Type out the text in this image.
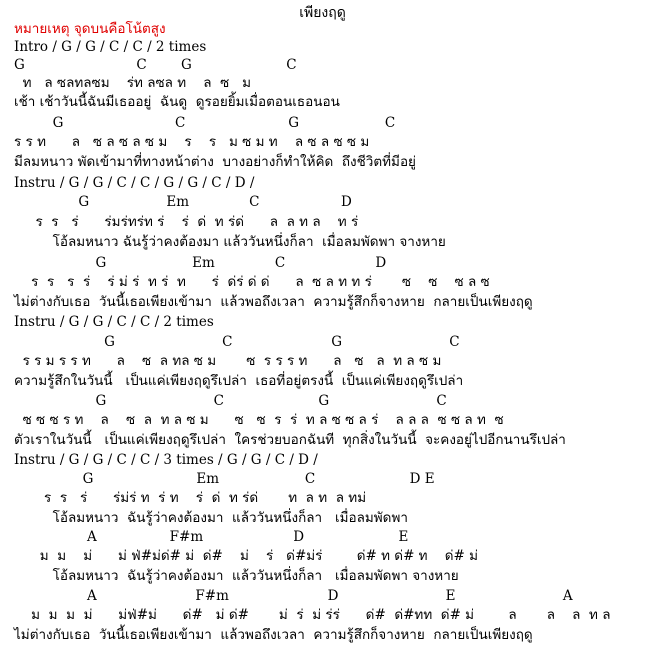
เพียงฤดู
หมายเหตุ จุดบนคือโน้ตสูง
Intro / G / G / C / C / 2 times
G                          C        G                      C
ท   ล ซลทลซม    ร่ท ลซล ท    ล  ซ   ม
เช้า เช้าวันนี้ฉันมีเธออยู่  ฉันดู  ดูรอยยิ้มเมื่อตอนเธอนอน
G                          C                        G                    C
ร ร ท      ล   ซ ล ซ ล ซ ม    ร    ร   ม ซ ม ท    ล ซ ล ซ ซ ม
มีลมหนาว พัดเข้ามาที่ทางหน้าต่าง  บางอย่างก็ทำให้คิด  ถึงชีวิตที่มีอยู่
Instru / G / G / C / C / G / G / C / D /
G                  Em              C                   D
ร  ร   ร่      ร่มร่ทร่ท ร่    ร่  ด่  ท ร่ด่      ล  ล ท ล    ท ร่
โอ้ลมหนาว ฉันรู้ว่าคงต้องมา แล้ววันหนึ่งก็ลา  เมื่อลมพัดพา จางหาย
G                    Em              C                     D
ร  ร   ร  ร่    ร่ ม่ ร่  ท ร่  ท      ร่  ด่ร่ ด่ ด่      ล  ซ ล ท ท ร่       ซ    ซ    ซ ล ซ
ไม่ต่างกับเธอ  วันนี้เธอเพียงเข้ามา  แล้วพอถึงเวลา  ความรู้สึกก็จางหาย  กลายเป็นเพียงฤดู
Instru / G / G / C / C / 2 times
G                         C                       G                         C
ร ร ม ร ร ท      ล    ซ  ล ทล ซ ม       ซ  ร ร ร ท      ล   ซ   ล  ท ล ซ ม
ความรู้สึกในวันนี้   เป็นแค่เพียงฤดูรึเปล่า  เธอที่อยู่ตรงนี้  เป็นแค่เพียงฤดูรึเปล่า
G                         C                      G                         C
ซ ซ ซ ร ท    ล    ซ  ล  ท ล ซ ม      ซ   ซ  ร  ร่  ท ล ซ ซ ล ร่    ล ล ล  ซ ซ ล ท  ซ
ตัวเราในวันนี้   เป็นแค่เพียงฤดูรึเปล่า  ใครช่วยบอกฉันที  ทุกสิ่งในวันนี้  จะคงอยู่ไปอีกนานรึเปล่า
Instru / G / G / C / C / 3 times / G / G / C / D /
G                        Em                    C                      D E
ร  ร   ร่      ร่ม่ร่ ท  ร่ ท    ร่  ด่  ท ร่ด่       ท  ล ท  ล ทม่
โอ้ลมหนาว  ฉันรู้ว่าคงต้องมา  แล้ววันหนึ่งก็ลา   เมื่อลมพัดพา
A                 F#m                     D                      E
ม  ม    ม่      ม่ ฟ่#ม่ด่# ม่  ด่#    ม่    ร่   ด่#ม่ร่        ด่# ท ด่# ท    ด่# ม่
โอ้ลมหนาว  ฉันรู้ว่าคงต้องมา  แล้ววันหนึ่งก็ลา   เมื่อลมพัดพา จางหาย
A                       F#m                       D                         E                         A
ม  ม  ม  ม่      ม่ฟ่#ม่      ด่#   ม่ ด่#       ม่  ร่  ม่ ร่ร่      ด่#  ด่#ทท  ด่# ม่        ล       ล    ล  ท ล
ไม่ต่างกับเธอ  วันนี้เธอเพียงเข้ามา  แล้วพอถึงเวลา  ความรู้สึกก็จางหาย  กลายเป็นเพียงฤดู
